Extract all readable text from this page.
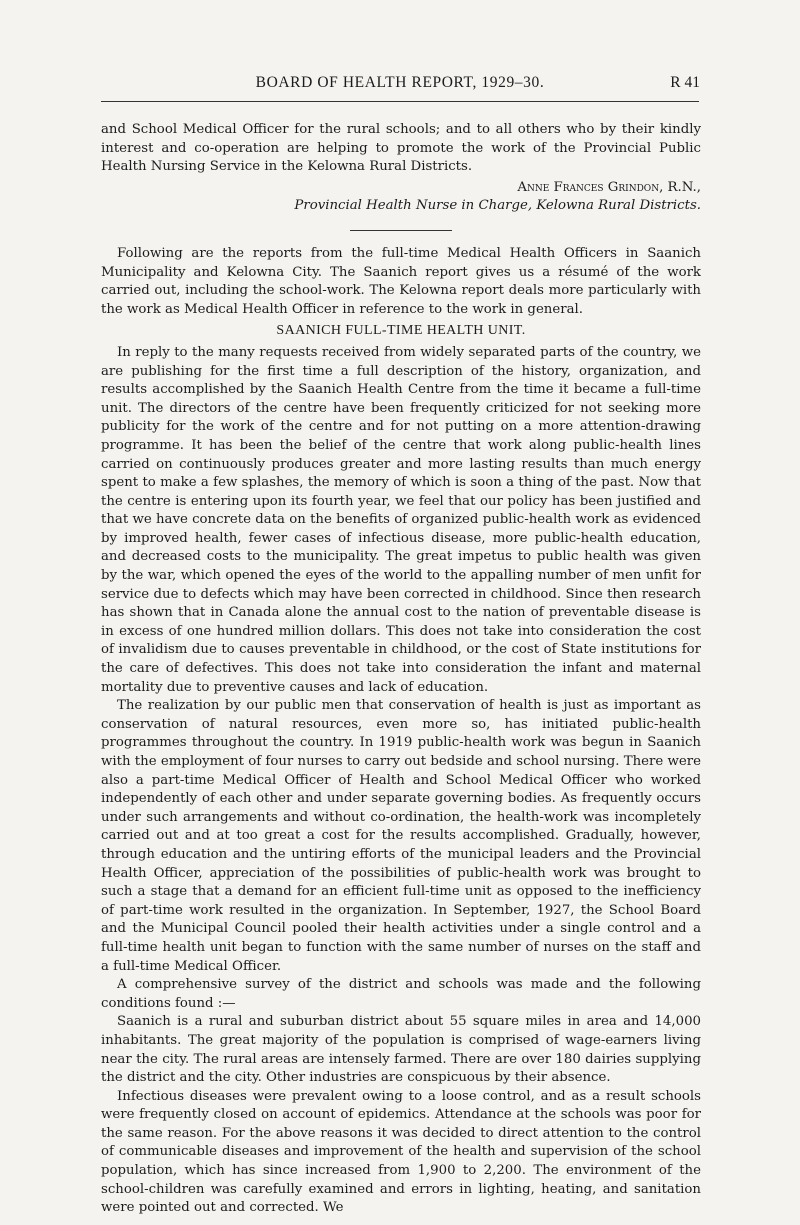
BOARD OF HEALTH REPORT, 1929–30.	R 41

and School Medical Officer for the rural schools; and to all others who by their kindly interest and co-operation are helping to promote the work of the Provincial Public Health Nursing Service in the Kelowna Rural Districts.

Anne Frances Grindon, R.N.,
Provincial Health Nurse in Charge, Kelowna Rural Districts.

Following are the reports from the full-time Medical Health Officers in Saanich Municipality and Kelowna City. The Saanich report gives us a résumé of the work carried out, including the school-work. The Kelowna report deals more particularly with the work as Medical Health Officer in reference to the work in general.

SAANICH FULL-TIME HEALTH UNIT.

In reply to the many requests received from widely separated parts of the country, we are publishing for the first time a full description of the history, organization, and results accomplished by the Saanich Health Centre from the time it became a full-time unit. The directors of the centre have been frequently criticized for not seeking more publicity for the work of the centre and for not putting on a more attention-drawing programme. It has been the belief of the centre that work along public-health lines carried on continuously produces greater and more lasting results than much energy spent to make a few splashes, the memory of which is soon a thing of the past. Now that the centre is entering upon its fourth year, we feel that our policy has been justified and that we have concrete data on the benefits of organized public-health work as evidenced by improved health, fewer cases of infectious disease, more public-health education, and decreased costs to the municipality. The great impetus to public health was given by the war, which opened the eyes of the world to the appalling number of men unfit for service due to defects which may have been corrected in childhood. Since then research has shown that in Canada alone the annual cost to the nation of preventable disease is in excess of one hundred million dollars. This does not take into consideration the cost of invalidism due to causes preventable in childhood, or the cost of State institutions for the care of defectives. This does not take into consideration the infant and maternal mortality due to preventive causes and lack of education.

The realization by our public men that conservation of health is just as important as conservation of natural resources, even more so, has initiated public-health programmes throughout the country. In 1919 public-health work was begun in Saanich with the employment of four nurses to carry out bedside and school nursing. There were also a part-time Medical Officer of Health and School Medical Officer who worked independently of each other and under separate governing bodies. As frequently occurs under such arrangements and without co-ordination, the health-work was incompletely carried out and at too great a cost for the results accomplished. Gradually, however, through education and the untiring efforts of the municipal leaders and the Provincial Health Officer, appreciation of the possibilities of public-health work was brought to such a stage that a demand for an efficient full-time unit as opposed to the inefficiency of part-time work resulted in the organization. In September, 1927, the School Board and the Municipal Council pooled their health activities under a single control and a full-time health unit began to function with the same number of nurses on the staff and a full-time Medical Officer.

A comprehensive survey of the district and schools was made and the following conditions found :—

Saanich is a rural and suburban district about 55 square miles in area and 14,000 inhabitants. The great majority of the population is comprised of wage-earners living near the city. The rural areas are intensely farmed. There are over 180 dairies supplying the district and the city. Other industries are conspicuous by their absence.

Infectious diseases were prevalent owing to a loose control, and as a result schools were frequently closed on account of epidemics. Attendance at the schools was poor for the same reason. For the above reasons it was decided to direct attention to the control of communicable diseases and improvement of the health and supervision of the school population, which has since increased from 1,900 to 2,200. The environment of the school-children was carefully examined and errors in lighting, heating, and sanitation were pointed out and corrected. We
